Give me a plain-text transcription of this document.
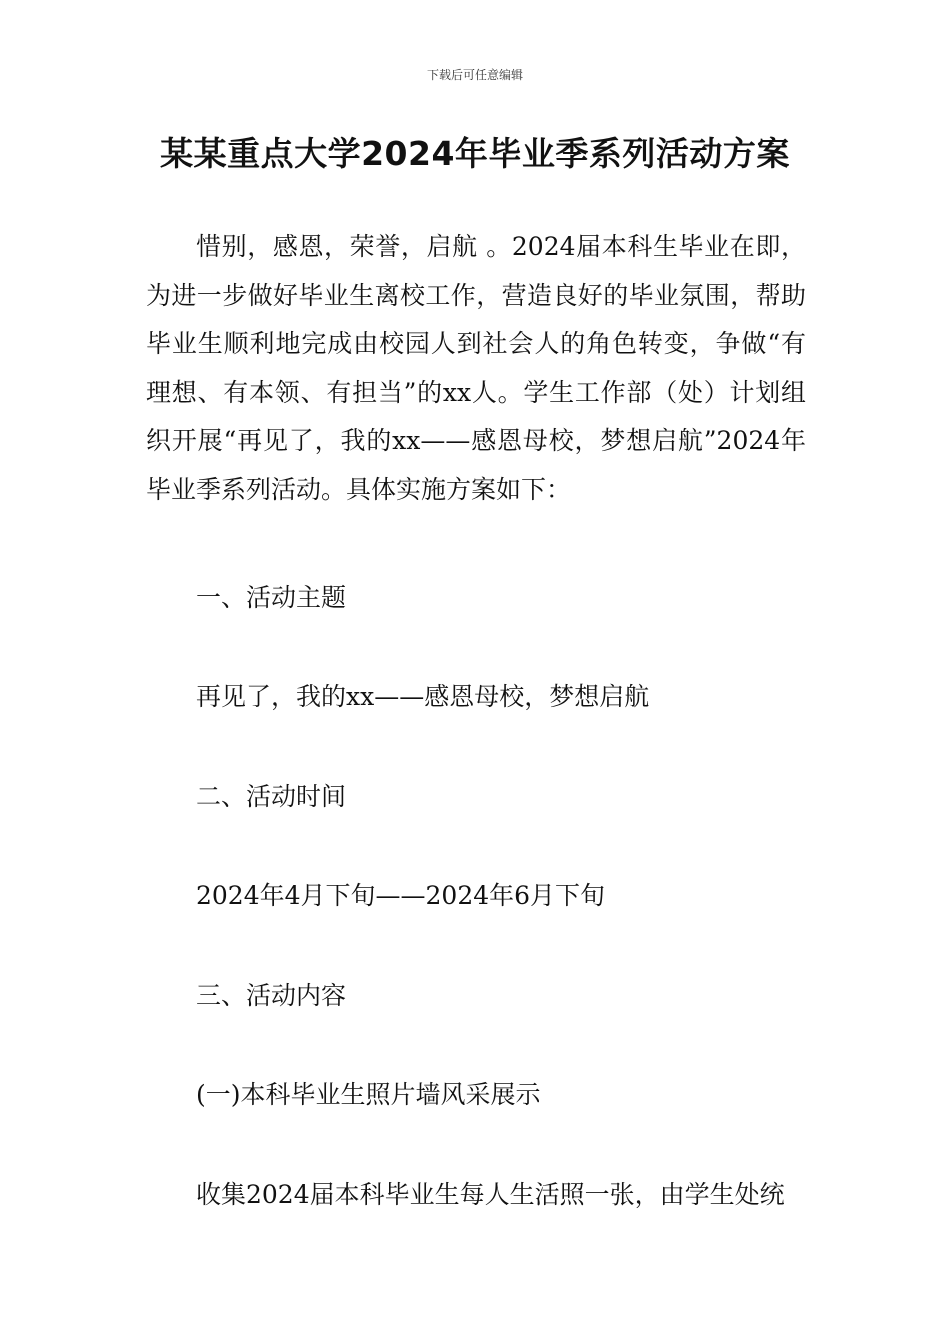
下载后可任意编辑
某某重点大学2024年毕业季系列活动方案
惜别，感恩，荣誉，启航 。2024届本科生毕业在即，为进一步做好毕业生离校工作，营造良好的毕业氛围，帮助毕业生顺利地完成由校园人到社会人的角色转变，争做“有理想、有本领、有担当”的xx人。学生工作部（处）计划组织开展“再见了，我的xx——感恩母校，梦想启航”2024年毕业季系列活动。具体实施方案如下：
一、活动主题
再见了，我的xx——感恩母校，梦想启航
二、活动时间
2024年4月下旬——2024年6月下旬
三、活动内容
(一)本科毕业生照片墙风采展示
收集2024届本科毕业生每人生活照一张，由学生处统
